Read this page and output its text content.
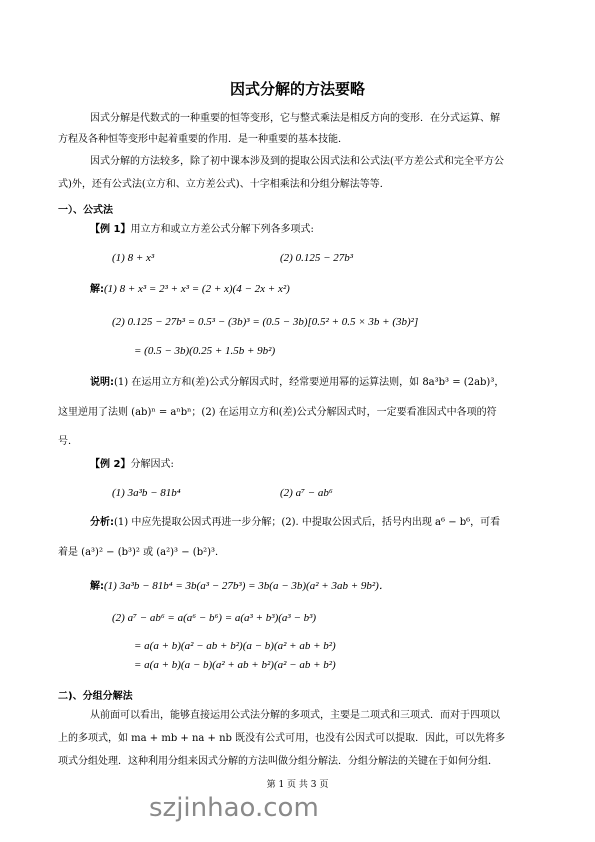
因式分解的方法要略
因式分解是代数式的一种重要的恒等变形，它与整式乘法是相反方向的变形．在分式运算、解
方程及各种恒等变形中起着重要的作用．是一种重要的基本技能．
因式分解的方法较多，除了初中课本涉及到的提取公因式法和公式法(平方差公式和完全平方公
式)外，还有公式法(立方和、立方差公式)、十字相乘法和分组分解法等等．
一）、公式法
【例 1】用立方和或立方差公式分解下列各多项式:
(1) 8 + x³	(2) 0.125 − 27b³
解:(1) 8 + x³ = 2³ + x³ = (2 + x)(4 − 2x + x²)
(2) 0.125 − 27b³ = 0.5³ − (3b)³ = (0.5 − 3b)[0.5² + 0.5 × 3b + (3b)²]
= (0.5 − 3b)(0.25 + 1.5b + 9b²)
说明:(1) 在运用立方和(差)公式分解因式时，经常要逆用幂的运算法则，如 8a³b³ = (2ab)³，
这里逆用了法则 (ab)ⁿ = aⁿbⁿ；(2) 在运用立方和(差)公式分解因式时，一定要看准因式中各项的符
号．
【例 2】分解因式:
(1) 3a³b − 81b⁴	(2) a⁷ − ab⁶
分析:(1) 中应先提取公因式再进一步分解；(2). 中提取公因式后，括号内出现 a⁶ − b⁶，可看
着是 (a³)² − (b³)² 或 (a²)³ − (b²)³．
解:(1) 3a³b − 81b⁴ = 3b(a³ − 27b³) = 3b(a − 3b)(a² + 3ab + 9b²)．
(2) a⁷ − ab⁶ = a(a⁶ − b⁶) = a(a³ + b³)(a³ − b³)
= a(a + b)(a² − ab + b²)(a − b)(a² + ab + b²)
= a(a + b)(a − b)(a² + ab + b²)(a² − ab + b²)
二)、分组分解法
从前面可以看出，能够直接运用公式法分解的多项式，主要是二项式和三项式．而对于四项以
上的多项式，如 ma + mb + na + nb 既没有公式可用，也没有公因式可以提取．因此，可以先将多
项式分组处理．这种利用分组来因式分解的方法叫做分组分解法．分组分解法的关键在于如何分组．
第 1 页 共 3 页
szjinhao.com
